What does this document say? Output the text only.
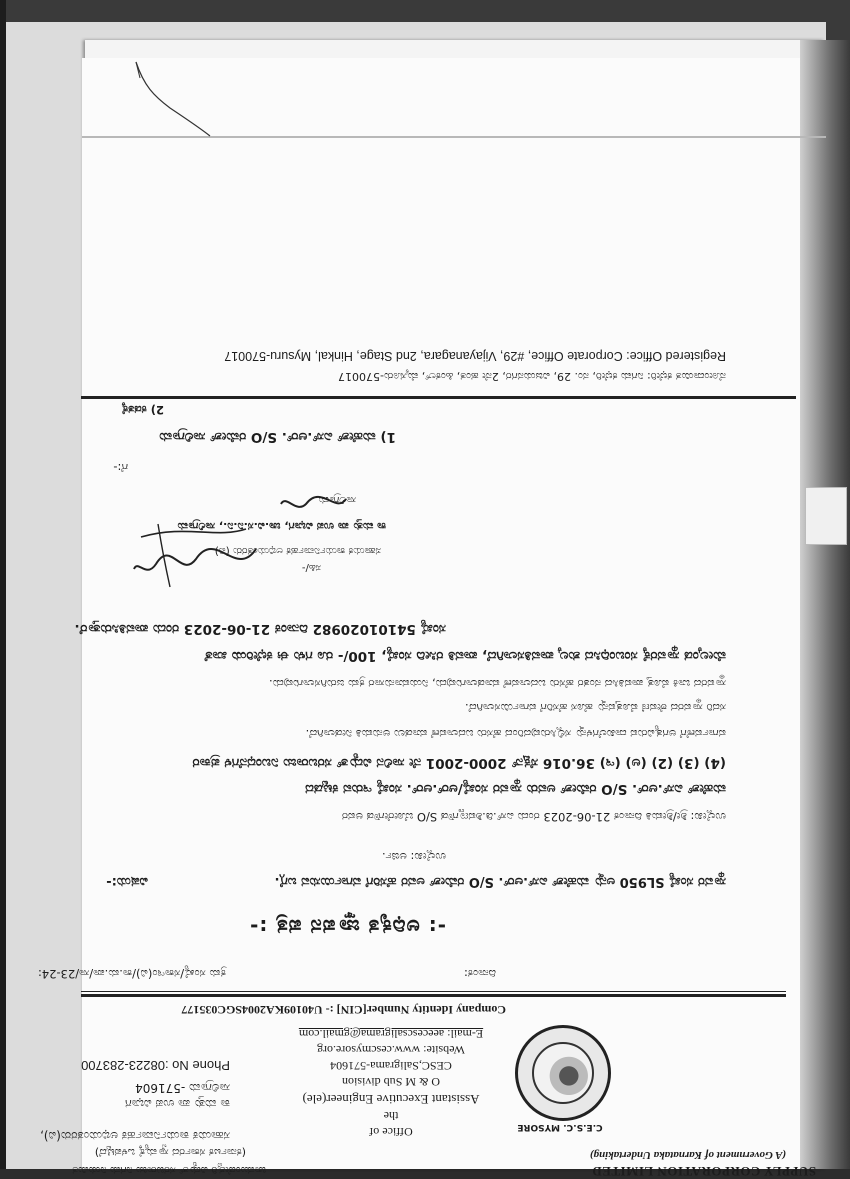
SUPPLY CORPORATION LIMITED
(A Government of Karnataka Undertaking)
ಚಾಮುಂಡೇಶ್ವರಿ ವಿದ್ಯುತ್ ಸರಬರಾಜು ನಿಗಮ ನಿಯಮಿತ
(ಕರ್ನಾಟಕ ಸರ್ಕಾರದ ಸ್ವಾಮ್ಯಕ್ಕೆ ಒಳಪಟ್ಟಿದೆ)
C.E.S.C. MYSORE
Office of
the
Assistant Executive Engineer(ele)
O & M Sub division
CESC,Saligrama-571604
Website: www.cescmysore.org
E-mail: aeecescsaligrama@gmail.com
ಸಹಾಯಕ ಕಾರ್ಯನಿರ್ವಾಹಕ ಅಭಿಯಂತರರು(ವಿ),
ಕಾ ಮತ್ತು ಪಾ ಉಪ ವಿಭಾಗ
ಸಾಲಿಗ್ರಾಮ -571604
Phone No :08223-283700
Company Identity Number[CIN] :- U40109KA2004SGC035177
ಕ್ರಮ ಸಂಖ್ಯೆ/ಸಕಾಇಂ(ವಿ)/ಕಾ.ಮ.ಪಾ/ಸಾ/23-24:	ದಿನಾಂಕ:
-: ಅಧಿಕೃತ ಜ್ಞಾಪನ ಪತ್ರ :-
ವಿಷಯ:-	ಸ್ಥಾವರ ಸಂಖ್ಯೆ SL950 ಅನ್ನು ಮಹೇಶ್ ಎಸ್.ಆರ್. S/O ರಮೇಶ್ ಅವರ ಹೆಸರಿಗೆ ವರ್ಗಾಯಿಸುವ ಬಗ್ಗೆ.
ಉಲ್ಲೇಖ: ಅರ್ಜಿ.
ಉಲ್ಲೇಖ: ಶ್ರೀ/ಶ್ರೀಮತಿ ದಿನಾಂಕ 21-06-2023 ರಂದು ಎಸ್.ಡಿ.ಶಿವಣ್ಣಗೌಡ S/O ಬೋರೇಗೌಡ ಅವರ
ಮಹೇಶ್ ಎಸ್.ಆರ್. S/O ರಮೇಶ್ ಅವರು ಸ್ಥಾವರ ಸಂಖ್ಯೆ/ಆರ್.ಆರ್. ಸಂಖ್ಯೆ ಇರುವ ಕಟ್ಟಡದ
(4) (3) (2) (ಅ) (ಇ) 36.016 ಸೆಕ್ಷನ್ 2000-2001 ನೇ ಸಾಲಿನ ವಿದ್ಯುತ್ ಸರಬರಾಜು ನಿಬಂಧನೆಗಳ ಪ್ರಕಾರ
ವರ್ಗಾವಣೆಗೆ ಅಗತ್ಯವಿರುವ ದಾಖಲೆಗಳನ್ನು ಸಲ್ಲಿಸಿರುವುದರಿಂದ ಹೆಸರು ಬದಲಾವಣೆ ಮಾಡಲು ಅನುಮತಿ ನೀಡಲಾಗಿದೆ.
ಸದರಿ ಸ್ಥಾವರದ ಠೇವಣಿ ಮೊತ್ತವನ್ನು ಹೊಸ ಹೆಸರಿಗೆ ವರ್ಗಾಯಿಸಲಾಗಿದೆ.
ಸ್ಥಾವರದ ಬಾಕಿ ಮೊತ್ತ ಪಾವತಿಸಿದ ನಂತರ ಹೆಸರು ಬದಲಾವಣೆ ಮಾಡಲಾಗುವುದು, ನಿಯಮಾನುಸಾರ ಕ್ರಮ ಜರುಗಿಸಲಾಗುವುದು.
ಮೇಲ್ಕಂಡ ಸ್ಥಾವರಕ್ಕೆ ಸಂಬಂಧಿಸಿದ ಶುಲ್ಕ ಪಾವತಿಸಲಾಗಿದೆ, ಪಾವತಿ ರಸೀದಿ ಸಂಖ್ಯೆ, 100/- ರೂ ಗಳು ಈ ಕಛೇರಿಯ ಖಾತೆ
ಸಂಖ್ಯೆ 54101020982 ದಿನಾಂಕ 21-06-2023 ರಂದು ಪಾವತಿಸಿರುತ್ತಾರೆ.
ಸಹಿ/-
ಸಹಾಯಕ ಕಾರ್ಯನಿರ್ವಾಹಕ ಅಭಿಯಂತರರು (ವಿ)
ಕಾ ಮತ್ತು ಪಾ ಉಪ ವಿಭಾಗ, ಚಾ.ವಿ.ಸ.ನಿ.ನಿ., ಸಾಲಿಗ್ರಾಮ
ಸಾಲಿಗ್ರಾಮ
ಗೆ:-
1) ಮಹೇಶ್ ಎಸ್.ಆರ್. S/O ರಮೇಶ್ ಸಾಲಿಗ್ರಾಮ
2) ಕಡತಕ್ಕೆ
ನೋಂದಾಯಿತ ಕಛೇರಿ: ನಿಗಮ ಕಛೇರಿ, ನಂ. 29, ವಿಜಯನಗರ, 2ನೇ ಹಂತ, ಹಿಂಕಲ್, ಮೈಸೂರು-570017
Registered Office: Corporate Office, #29, Vijayanagara, 2nd Stage, Hinkal, Mysuru-570017
